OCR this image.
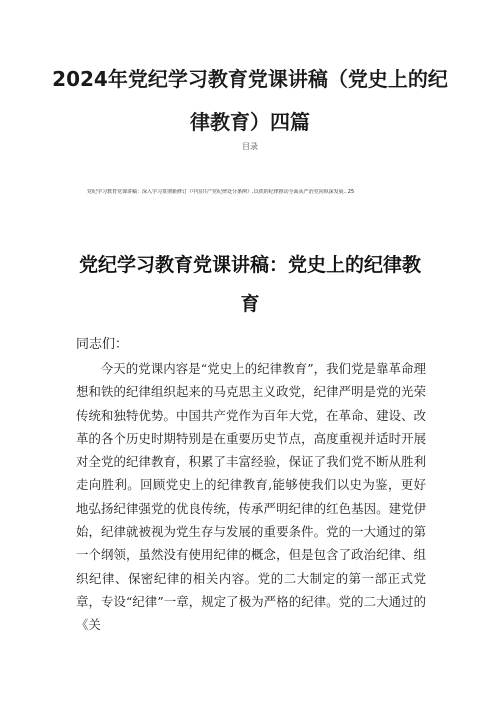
2024年党纪学习教育党课讲稿（党史上的纪
律教育）四篇
目录
党纪学习教育党课讲稿：深入学习贯彻新修订《中国共产党纪律处分条例》,以铁的纪律推动全面从严治党向纵深发展..25
党纪学习教育党课讲稿：党史上的纪律教
育

同志们：

今天的党课内容是“党史上的纪律教育”，我们党是靠革命理想和铁的纪律组织起来的马克思主义政党，纪律严明是党的光荣传统和独特优势。中国共产党作为百年大党，在革命、建设、改革的各个历史时期特别是在重要历史节点，高度重视并适时开展对全党的纪律教育，积累了丰富经验，保证了我们党不断从胜利走向胜利。回顾党史上的纪律教育,能够使我们以史为鉴，更好地弘扬纪律强党的优良传统，传承严明纪律的红色基因。建党伊始，纪律就被视为党生存与发展的重要条件。党的一大通过的第一个纲领，虽然没有使用纪律的概念，但是包含了政治纪律、组织纪律、保密纪律的相关内容。党的二大制定的第一部正式党章，专设“纪律”一章，规定了极为严格的纪律。党的二大通过的《关
